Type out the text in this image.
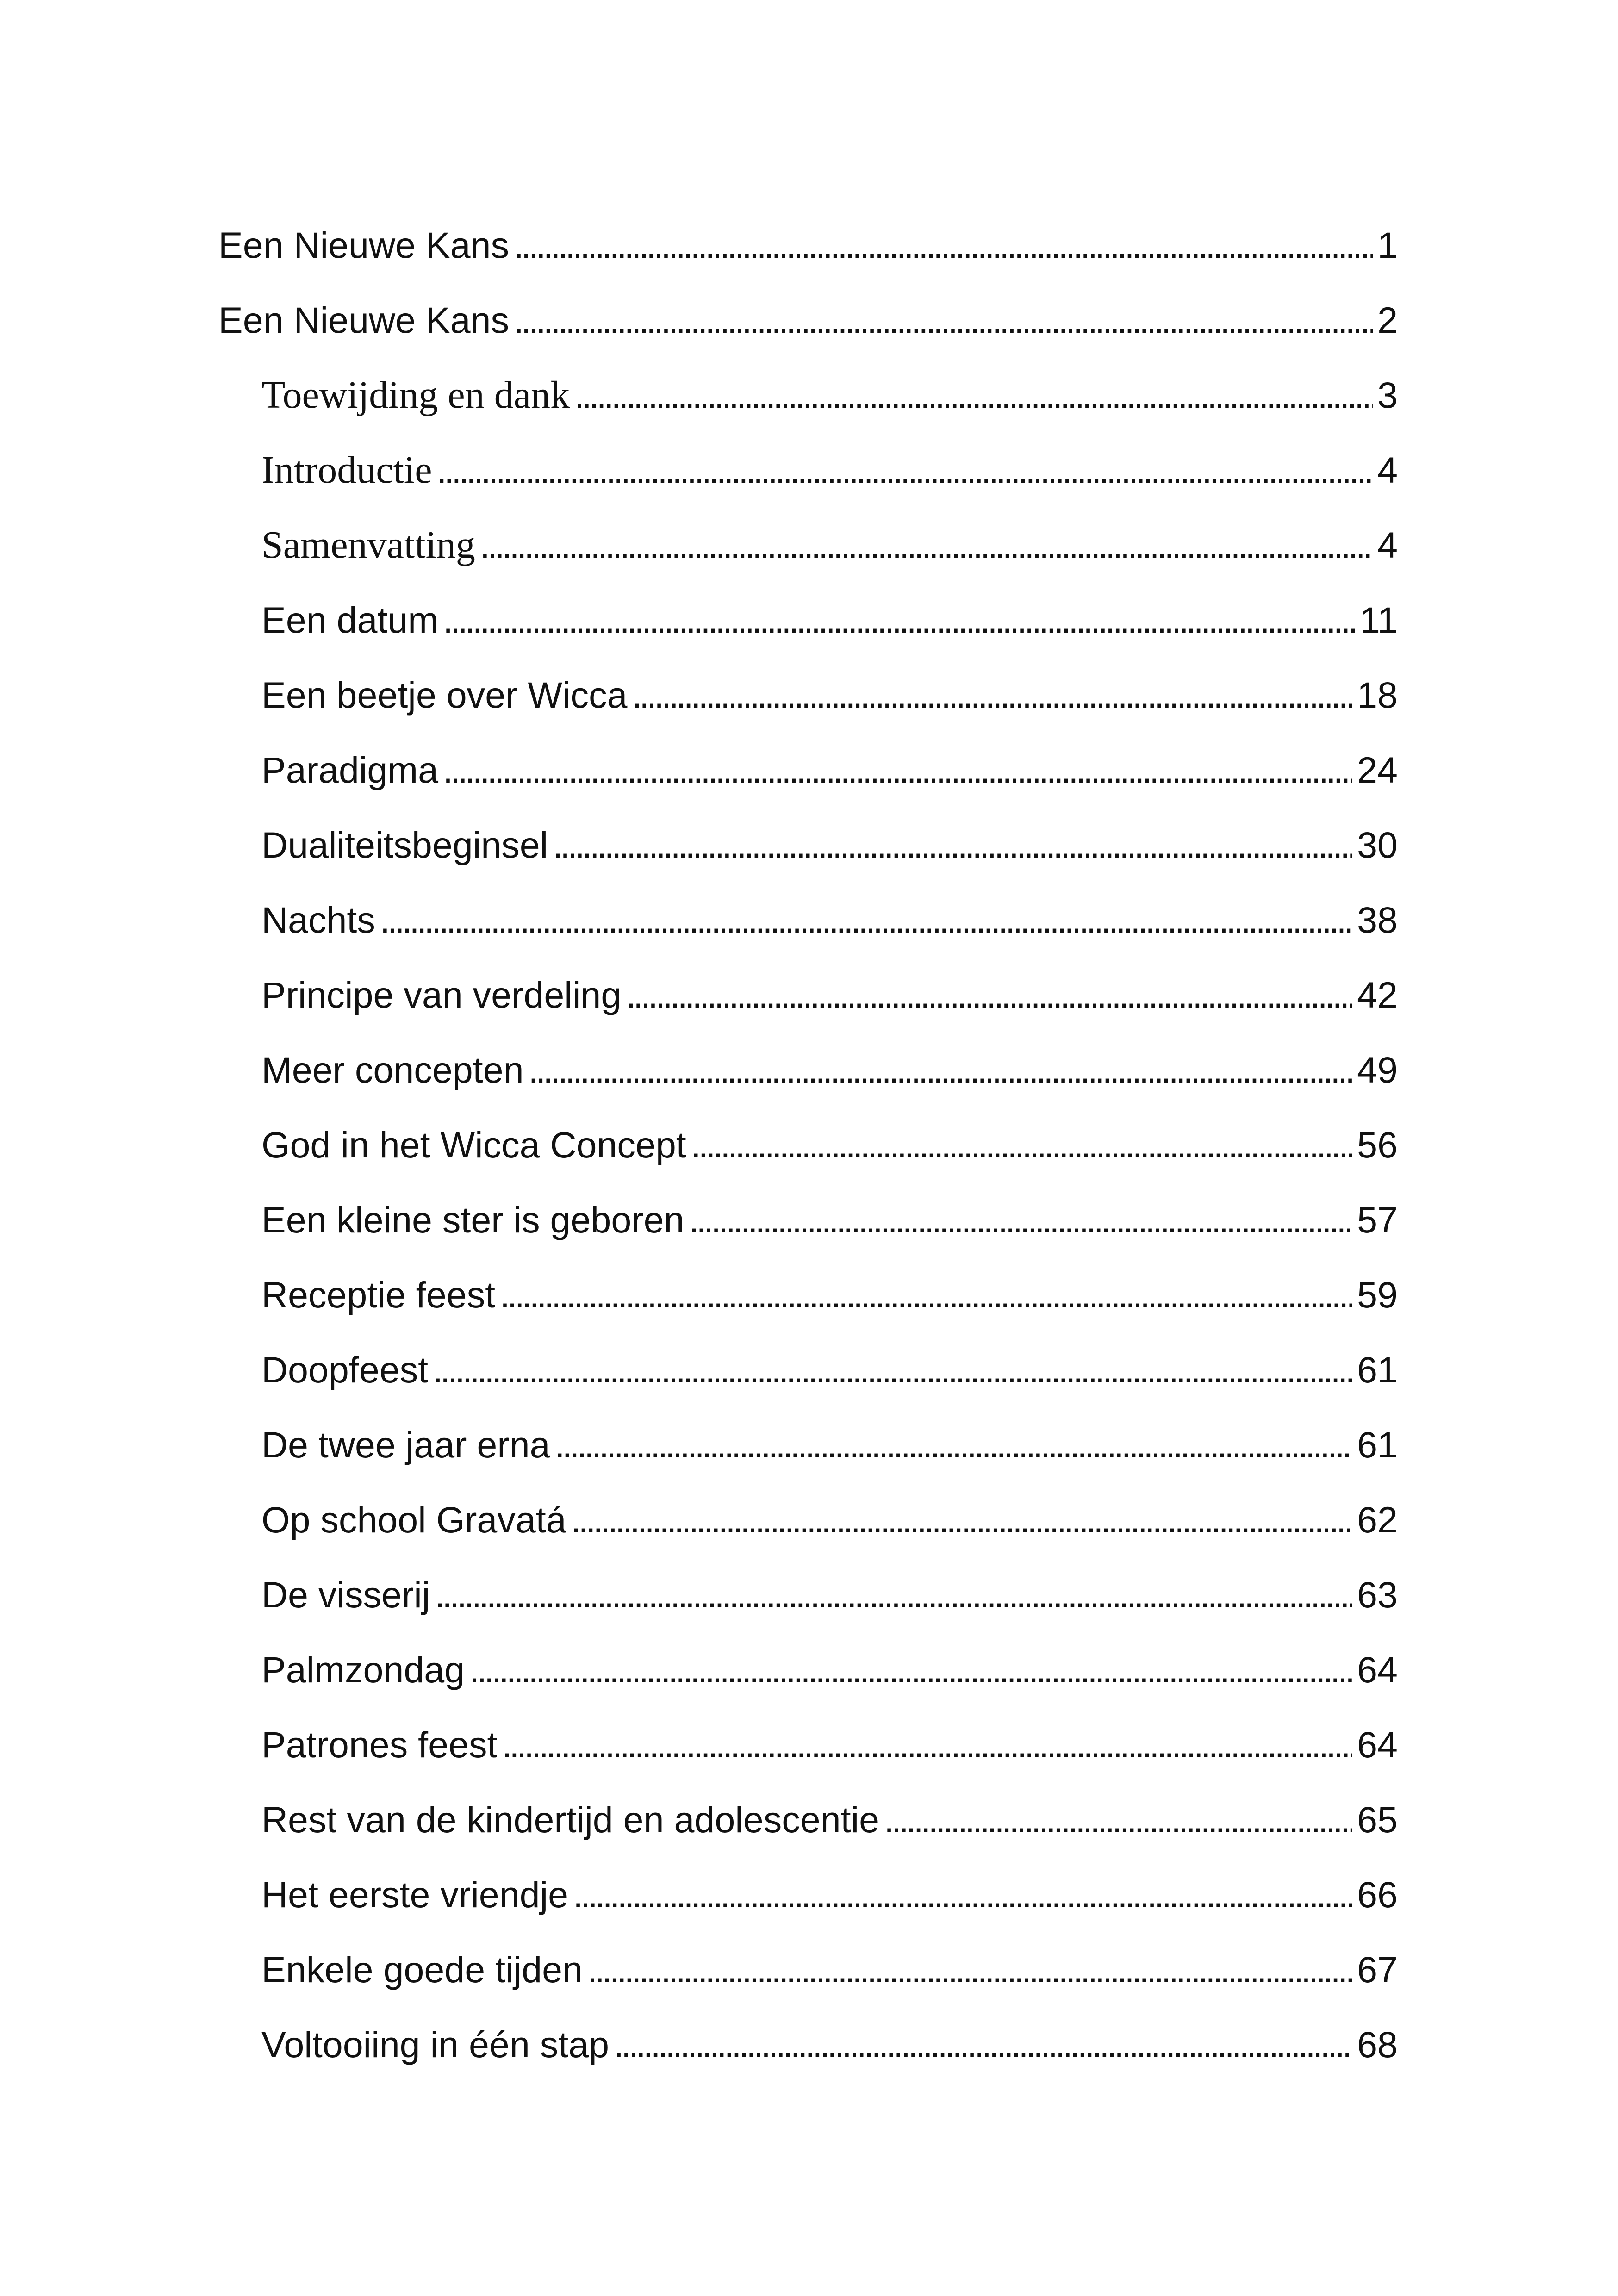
Een Nieuwe Kans . . .	1
Een Nieuwe Kans . . .	2
Toewijding en dank . . .	3
Introductie . . .	4
Samenvatting . . .	4
Een datum . . .	11
Een beetje over Wicca . . .	18
Paradigma . . .	24
Dualiteitsbeginsel . . .	30
Nachts . . .	38
Principe van verdeling . . .	42
Meer concepten . . .	49
God in het Wicca Concept . . .	56
Een kleine ster is geboren . . .	57
Receptie feest . . .	59
Doopfeest . . .	61
De twee jaar erna . . .	61
Op school Gravatá . . .	62
De visserij . . .	63
Palmzondag . . .	64
Patrones feest . . .	64
Rest van de kindertijd en adolescentie . . .	65
Het eerste vriendje . . .	66
Enkele goede tijden . . .	67
Voltooiing in één stap . . .	68
